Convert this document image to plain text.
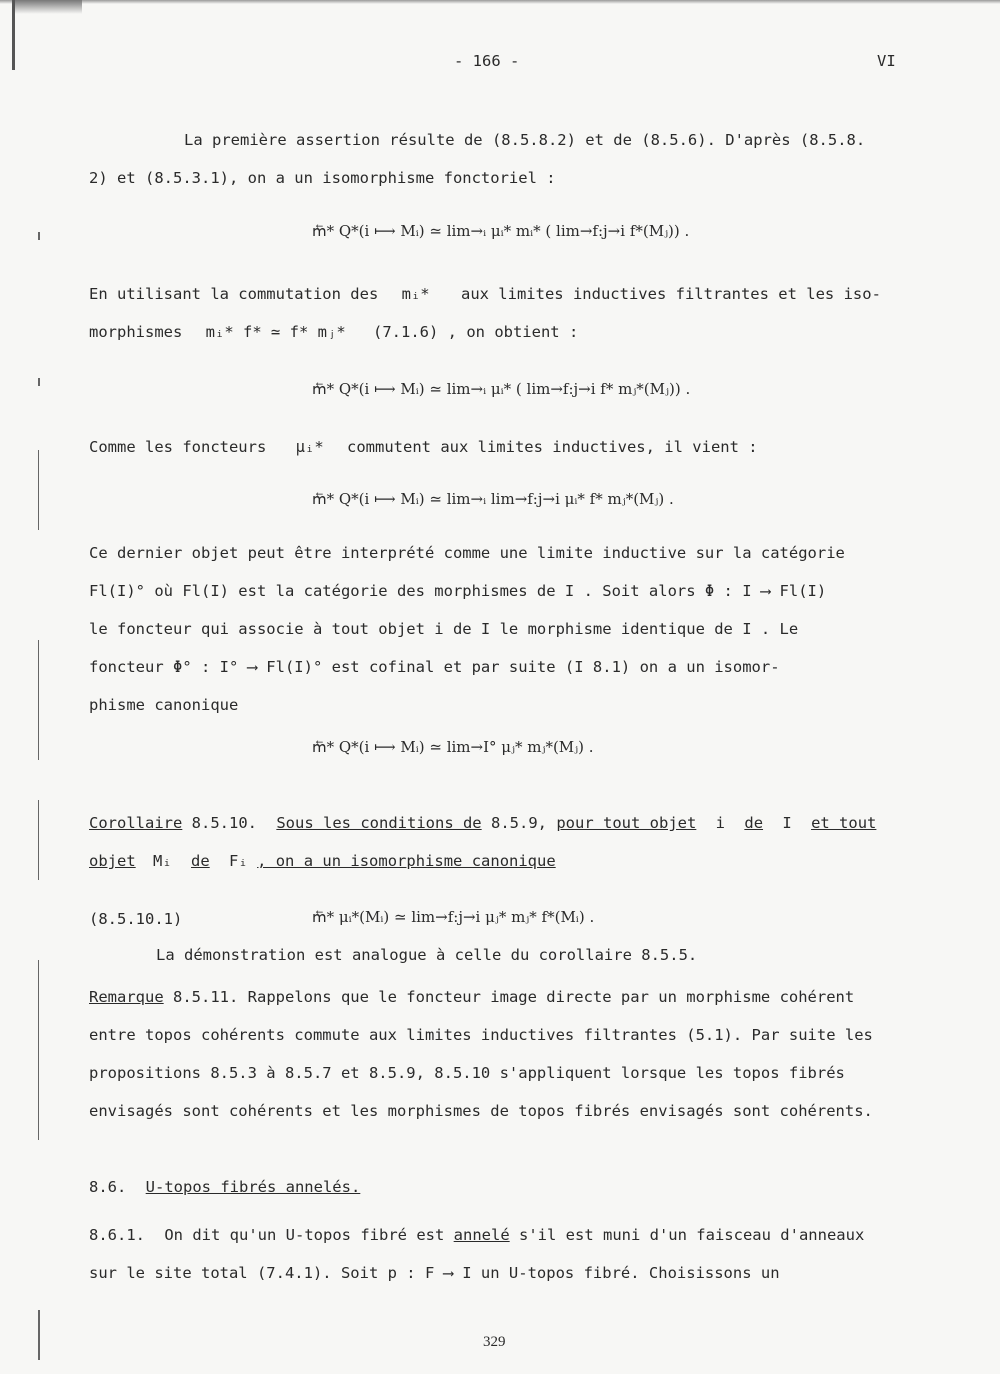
- 166 -	VI
La première assertion résulte de (8.5.8.2) et de (8.5.6). D'après (8.5.8.
2) et (8.5.3.1), on a un isomorphisme fonctoriel :
m⃖* Q*(i ⟼ Mᵢ) ≃ lim→ᵢ μᵢ* mᵢ* ( lim→f:j→i f*(Mⱼ)) .
En utilisant la commutation des mᵢ* aux limites inductives filtrantes et les iso-
morphismes mᵢ* f* ≃ f* mⱼ* (7.1.6) , on obtient :
m⃖* Q*(i ⟼ Mᵢ) ≃ lim→ᵢ μᵢ* ( lim→f:j→i f* mⱼ*(Mⱼ)) .
Comme les foncteurs μᵢ* commutent aux limites inductives, il vient :
m⃖* Q*(i ⟼ Mᵢ) ≃ lim→ᵢ lim→f:j→i μᵢ* f* mⱼ*(Mⱼ) .
Ce dernier objet peut être interprété comme une limite inductive sur la catégorie
Fl(I)° où Fl(I) est la catégorie des morphismes de I . Soit alors Φ : I ⟶ Fl(I)
le foncteur qui associe à tout objet i de I le morphisme identique de I . Le
foncteur Φ° : I° ⟶ Fl(I)° est cofinal et par suite (I 8.1) on a un isomor-
phisme canonique
m⃖* Q*(i ⟼ Mᵢ) ≃ lim→I° μⱼ* mⱼ*(Mⱼ) .
Corollaire 8.5.10. Sous les conditions de 8.5.9, pour tout objet i de I et tout
objet Mᵢ de Fᵢ , on a un isomorphisme canonique
(8.5.10.1)	m⃖* μᵢ*(Mᵢ) ≃ lim→f:j→i μⱼ* mⱼ* f*(Mᵢ) .
La démonstration est analogue à celle du corollaire 8.5.5.
Remarque 8.5.11. Rappelons que le foncteur image directe par un morphisme cohérent
entre topos cohérents commute aux limites inductives filtrantes (5.1). Par suite les
propositions 8.5.3 à 8.5.7 et 8.5.9, 8.5.10 s'appliquent lorsque les topos fibrés
envisagés sont cohérents et les morphismes de topos fibrés envisagés sont cohérents.
8.6. U-topos fibrés annelés.
8.6.1. On dit qu'un U-topos fibré est annelé s'il est muni d'un faisceau d'anneaux
sur le site total (7.4.1). Soit p : F ⟶ I un U-topos fibré. Choisissons un
329
